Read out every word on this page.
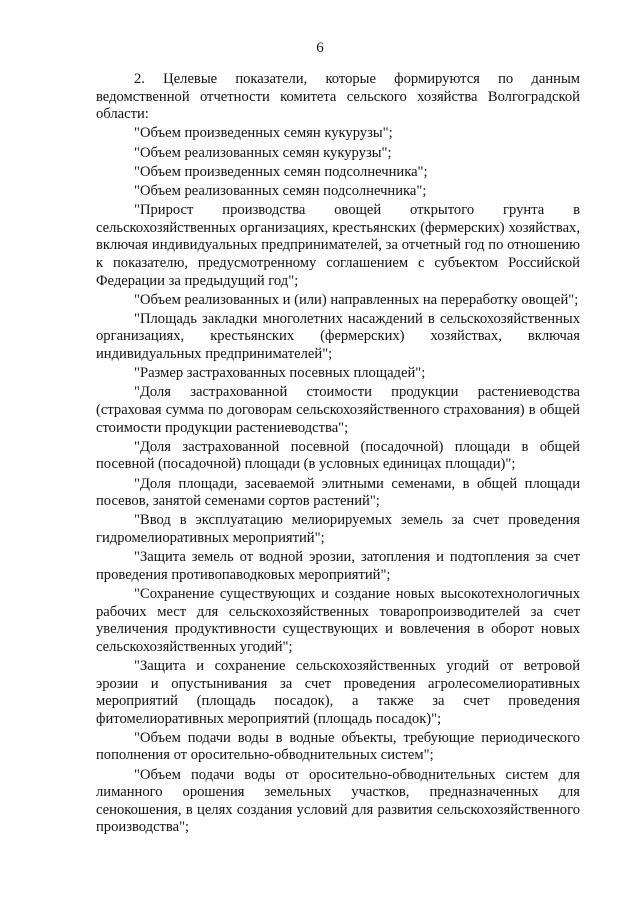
6

2. Целевые показатели, которые формируются по данным ведомственной отчетности комитета сельского хозяйства Волгоградской области:

"Объем произведенных семян кукурузы";

"Объем реализованных семян кукурузы";

"Объем произведенных семян подсолнечника";

"Объем реализованных семян подсолнечника";

"Прирост производства овощей открытого грунта в сельскохозяйственных организациях, крестьянских (фермерских) хозяйствах, включая индивидуальных предпринимателей, за отчетный год по отношению к показателю, предусмотренному соглашением с субъектом Российской Федерации за предыдущий год";

"Объем реализованных и (или) направленных на переработку овощей";

"Площадь закладки многолетних насаждений в сельскохозяйственных организациях, крестьянских (фермерских) хозяйствах, включая индивидуальных предпринимателей";

"Размер застрахованных посевных площадей";

"Доля застрахованной стоимости продукции растениеводства (страховая сумма по договорам сельскохозяйственного страхования) в общей стоимости продукции растениеводства";

"Доля застрахованной посевной (посадочной) площади в общей посевной (посадочной) площади (в условных единицах площади)";

"Доля площади, засеваемой элитными семенами, в общей площади посевов, занятой семенами сортов растений";

"Ввод в эксплуатацию мелиорируемых земель за счет проведения гидромелиоративных мероприятий";

"Защита земель от водной эрозии, затопления и подтопления за счет проведения противопаводковых мероприятий";

"Сохранение существующих и создание новых высокотехнологичных рабочих мест для сельскохозяйственных товаропроизводителей за счет увеличения продуктивности существующих и вовлечения в оборот новых сельскохозяйственных угодий";

"Защита и сохранение сельскохозяйственных угодий от ветровой эрозии и опустынивания за счет проведения агролесомелиоративных мероприятий (площадь посадок), а также за счет проведения фитомелиоративных мероприятий (площадь посадок)";

"Объем подачи воды в водные объекты, требующие периодического пополнения от оросительно-обводнительных систем";

"Объем подачи воды от оросительно-обводнительных систем для лиманного орошения земельных участков, предназначенных для сенокошения, в целях создания условий для развития сельскохозяйственного производства";
